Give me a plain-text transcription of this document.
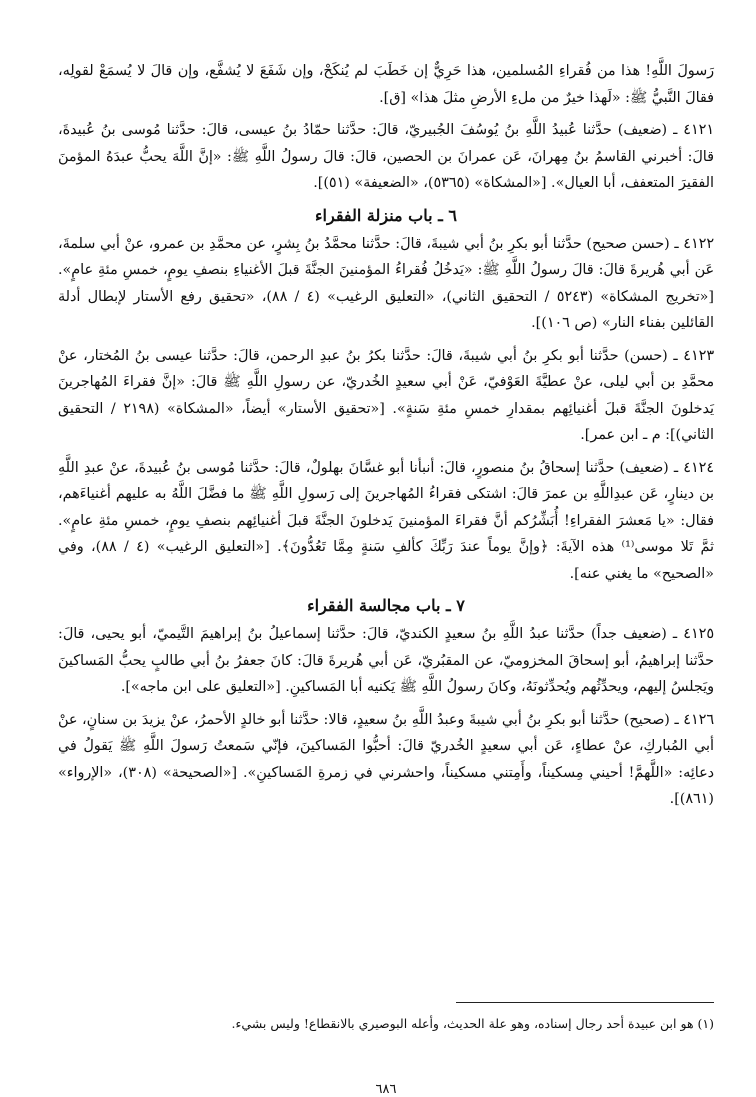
رَسولَ اللَّهِ! هذا من فُقراءِ المُسلمين، هذا حَرِيٌّ إن خَطَبَ لم يُنكَحْ، وإن شَفَعَ لا يُشفَّع، وإن قالَ لا يُسمَعْ لقولِه، فقالَ النَّبيُّ ﷺ: «لَهذا خيرٌ من ملءِ الأرضِ مثلَ هذا» [ق].

٤١٢١ ـ (ضعيف) حدَّثنا عُبيدُ اللَّهِ بنُ يُوسُفَ الجُبيريّ، قالَ: حدَّثنا حمّادُ بنُ عيسى، قالَ: حدَّثنا مُوسى بنُ عُبيدةَ، قالَ: أخبرني القاسمُ بنُ مِهرانَ، عَن عمرانَ بن الحصين، قالَ: قالَ رسولُ اللَّهِ ﷺ: «إنَّ اللَّهَ يحبُّ عبدَهُ المؤمنَ الفقيرَ المتعفف، أبا العيال». [«المشكاة» (٥٣٦٥)، «الضعيفة» (٥١)].

٦ ـ باب منزلة الفقراء

٤١٢٢ ـ (حسن صحيح) حدَّثنا أبو بكرِ بنُ أبي شيبةَ، قالَ: حدَّثنا محمَّدُ بنُ بِشرٍ، عن محمَّدِ بن عمرو، عنْ أبي سلمةَ، عَن أبي هُريرةَ قالَ: قالَ رسولُ اللَّهِ ﷺ: «يَدخُلُ فُقراءُ المؤمنينَ الجنَّةَ قبلَ الأغنياءِ بنصفِ يومٍ، خمسِ مئةِ عامٍ». [«تخريج المشكاة» (٥٢٤٣ / التحقيق الثاني)، «التعليق الرغيب» (٤ / ٨٨)، «تحقيق رفع الأستار لإبطال أدلة القائلين بفناء النار» (ص ١٠٦)].

٤١٢٣ ـ (حسن) حدَّثنا أبو بكرِ بنُ أبي شيبةَ، قالَ: حدَّثنا بكرُ بنُ عبدِ الرحمن، قالَ: حدَّثنا عيسى بنُ المُختار، عنْ محمَّدِ بن أبي ليلى، عنْ عطيَّةَ العَوْفيّ، عَنْ أبي سعيدٍ الخُدريّ، عن رسولِ اللَّهِ ﷺ قالَ: «إنَّ فقراءَ المُهاجرينَ يَدخلونَ الجنَّةَ قبلَ أغنيائِهم بمقدارِ خمسِ مئةِ سَنةٍ». [«تحقيق الأستار» أيضاً، «المشكاة» (٢١٩٨ / التحقيق الثاني)]: م ـ ابن عمر].

٤١٢٤ ـ (ضعيف) حدَّثنا إسحاقُ بنُ منصورٍ، قالَ: أنبأنا أبو غسَّانَ بهلولٌ، قالَ: حدَّثنا مُوسى بنُ عُبيدةَ، عنْ عبدِ اللَّهِ بن دينارٍ، عَن عبدِاللَّهِ بن عمرَ قالَ: اشتكى فقراءُ المُهاجرينَ إلى رَسولِ اللَّهِ ﷺ ما فضَّلَ اللَّهُ به عليهم أغنياءَهم، فقال: «يا مَعشرَ الفقراءِ! أُبَشِّرُكم أنَّ فقراءَ المؤمنينَ يَدخلونَ الجنَّةَ قبلَ أغنيائِهم بنصفِ يومٍ، خمسِ مئةِ عامٍ». ثمَّ تَلا موسى⁽¹⁾ هذه الآيةَ: ﴿وإنَّ يوماً عندَ رَبِّكَ كألفِ سَنةٍ مِمَّا تَعُدُّونَ﴾. [«التعليق الرغيب» (٤ / ٨٨)، وفي «الصحيح» ما يغني عنه].

٧ ـ باب مجالسة الفقراء

٤١٢٥ ـ (ضعيف جداً) حدَّثنا عبدُ اللَّهِ بنُ سعيدٍ الكنديّ، قالَ: حدَّثنا إسماعيلُ بنُ إبراهيمَ التَّيميّ، أبو يحيى، قالَ: حدَّثنا إبراهيمُ، أبو إسحاقَ المخزوميّ، عن المقبُريّ، عَن أبي هُريرةَ قالَ: كانَ جعفرُ بنُ أبي طالبٍ يحبُّ المَساكينَ ويَجلسُ إليهم، ويحدِّثُهم ويُحدِّثونَهُ، وكانَ رسولُ اللَّهِ ﷺ يَكنيه أبا المَساكينِ. [«التعليق على ابن ماجه»].

٤١٢٦ ـ (صحيح) حدَّثنا أبو بكرِ بنُ أبي شيبةَ وعبدُ اللَّهِ بنُ سعيدٍ، قالا: حدَّثنا أبو خالدٍ الأحمرُ، عنْ يزيدَ بن سنانٍ، عنْ أبي المُباركِ، عنْ عطاءٍ، عَن أبي سعيدٍ الخُدريّ قالَ: أحبُّوا المَساكينَ، فإنّي سَمعتُ رَسولَ اللَّهِ ﷺ يَقولُ في دعائِه: «اللَّهمَّ! أحيني مِسكيناً، وأَمِتني مسكيناً، واحشرني في زمرةِ المَساكينِ». [«الصحيحة» (٣٠٨)، «الإرواء» (٨٦١)].

(١) هو ابن عبيدة أحد رجال إسناده، وهو علة الحديث، وأعله البوصيري بالانقطاع! وليس بشيء.

٦٨٦
